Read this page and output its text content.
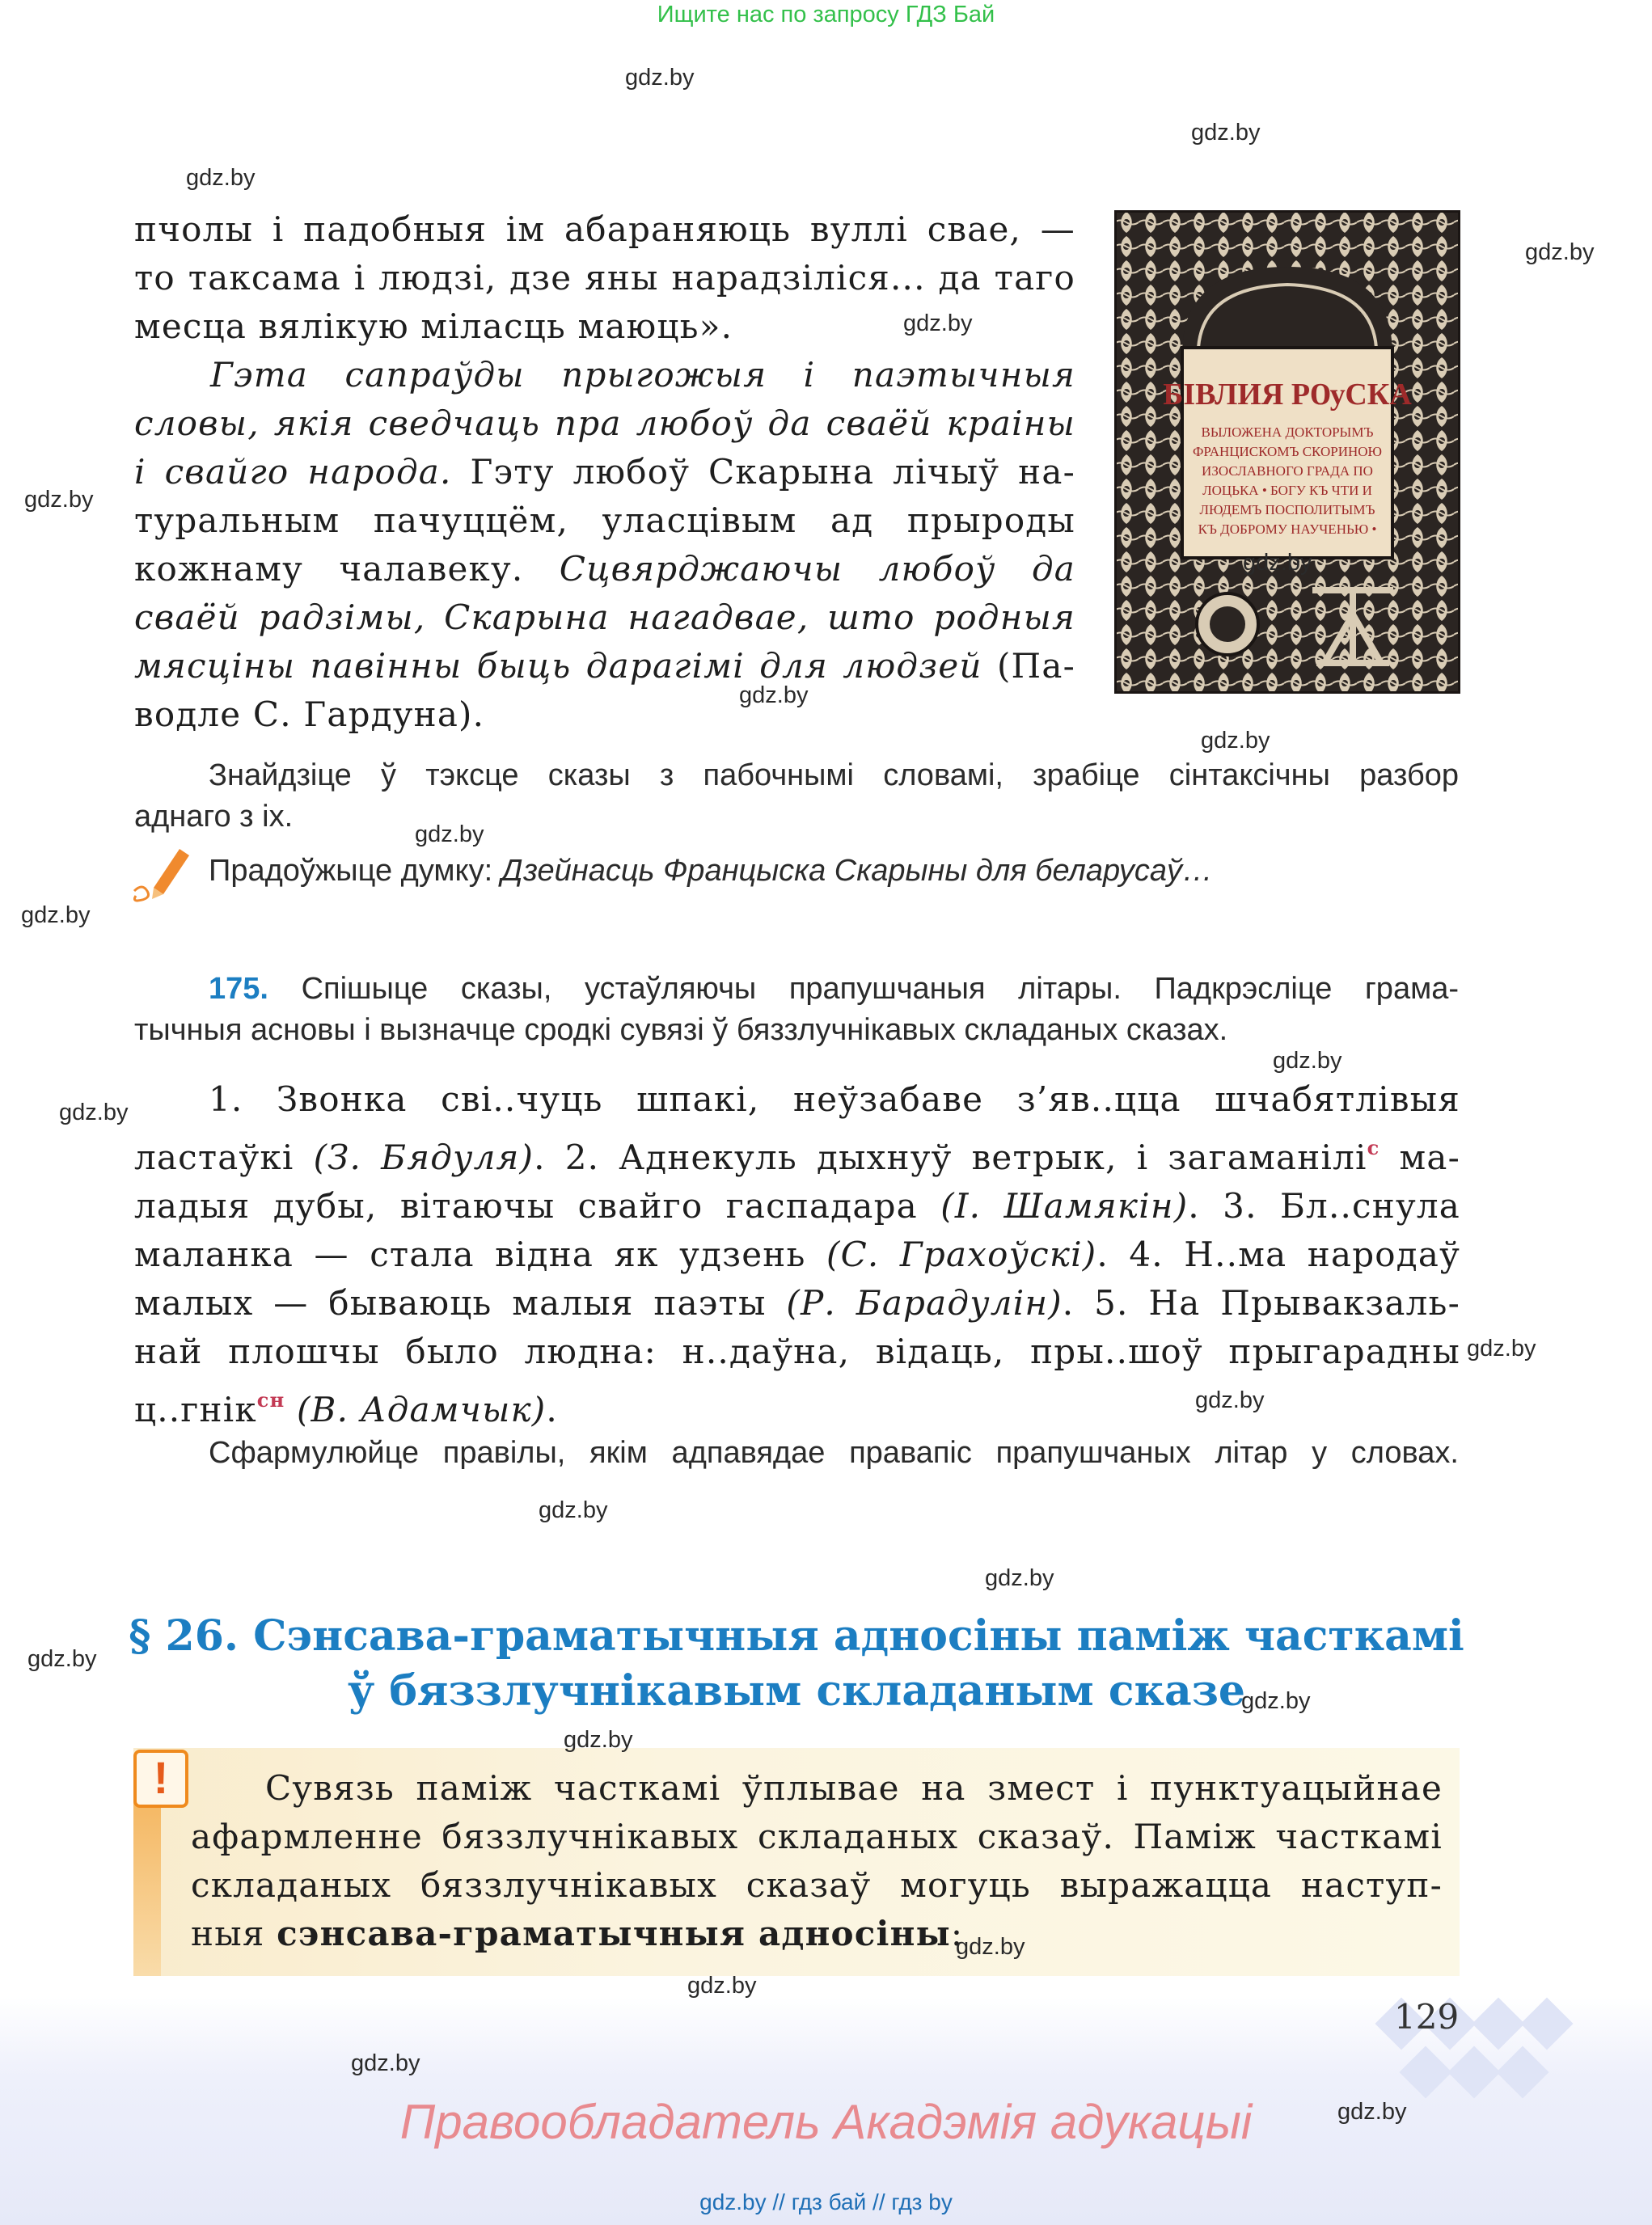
Ищите нас по запросу ГДЗ Бай
пчолы і падобныя ім абараняюць вуллі свае, —
то таксама і людзі, дзе яны нарадзіліся... да таго
месца вялікую міласць маюць».
Гэта сапраўды прыгожыя і паэтычныя
словы, якія сведчаць пра любоў да сваёй краіны
і свайго народа. Гэту любоў Скарына лічыў на-
туральным пачуццём, уласцівым ад прыроды
кожнаму чалавеку. Сцвярджаючы любоў да
сваёй радзімы, Скарына нагадвае, што родныя
мясціны павінны быць дарагімі для людзей (Па-
водле С. Гардуна).
БІВЛИЯ РѸСКА
ВЫЛОЖЕНА ДОКТОРЫМЪ
ФРАНЦИСКОМЪ СКОРИНОЮ
ИЗОСЛАВНОГО ГРАДА ПО
ЛОЦЬКА • БОГУ КЪ ЧТИ И
ЛЮДЕМЪ ПОСПОЛИТЫМЪ
КЪ ДОБРОМУ НАУЧЕНЬЮ •
Знайдзіце ў тэксце сказы з пабочнымі словамі, зрабіце сінтаксічны разбор
аднаго з іх.
Прадоўжыце думку: Дзейнасць Францыска Скарыны для беларусаў…
175. Спішыце сказы, устаўляючы прапушчаныя літары. Падкрэсліце грама-
тычныя асновы і вызначце сродкі сувязі ў бяззлучнікавых складаных сказах.
1. Звонка сві..чуць шпакі, неўзабаве з’яв..цца шчабятлівыя
ластаўкі (З. Бядуля). 2. Аднекуль дыхнуў ветрык, і загаманілі$^с$ ма-
ладыя дубы, вітаючы свайго гаспадара (І. Шамякін). 3. Бл..снула
маланка — стала відна як удзень (С. Грахоўскі). 4. Н..ма народаў
малых — бываюць малыя паэты (Р. Барадулін). 5. На Прывакзаль-
най плошчы было людна: н..даўна, відаць, пры..шоў прыгарадны
ц..гнік$^{сн}$ (В. Адамчык).
Сфармулюйце правілы, якім адпавядае правапіс прапушчаных літар у словах.
§ 26. Сэнсава-граматычныя адносіны паміж часткамі
ў бяззлучнікавым складаным сказе
!	Сувязь паміж часткамі ўплывае на змест і пунктуацыйнае
афармленне бяззлучнікавых складаных сказаў. Паміж часткамі
складаных бяззлучнікавых сказаў могуць выражацца наступ-
ныя сэнсава-граматычныя адносіны:
129
Правообладатель Акадэмія адукацыі
gdz.by // гдз бай // гдз by
gdz.by
gdz.by
gdz.by
gdz.by
gdz.by
gdz.by
gdz.by
gdz.by
gdz.by
gdz.by
gdz.by
gdz.by
gdz.by
gdz.by
gdz.by
gdz.by
gdz.by
gdz.by
gdz.by
gdz.by
gdz.by
gdz.by
gdz.by
gdz.by
